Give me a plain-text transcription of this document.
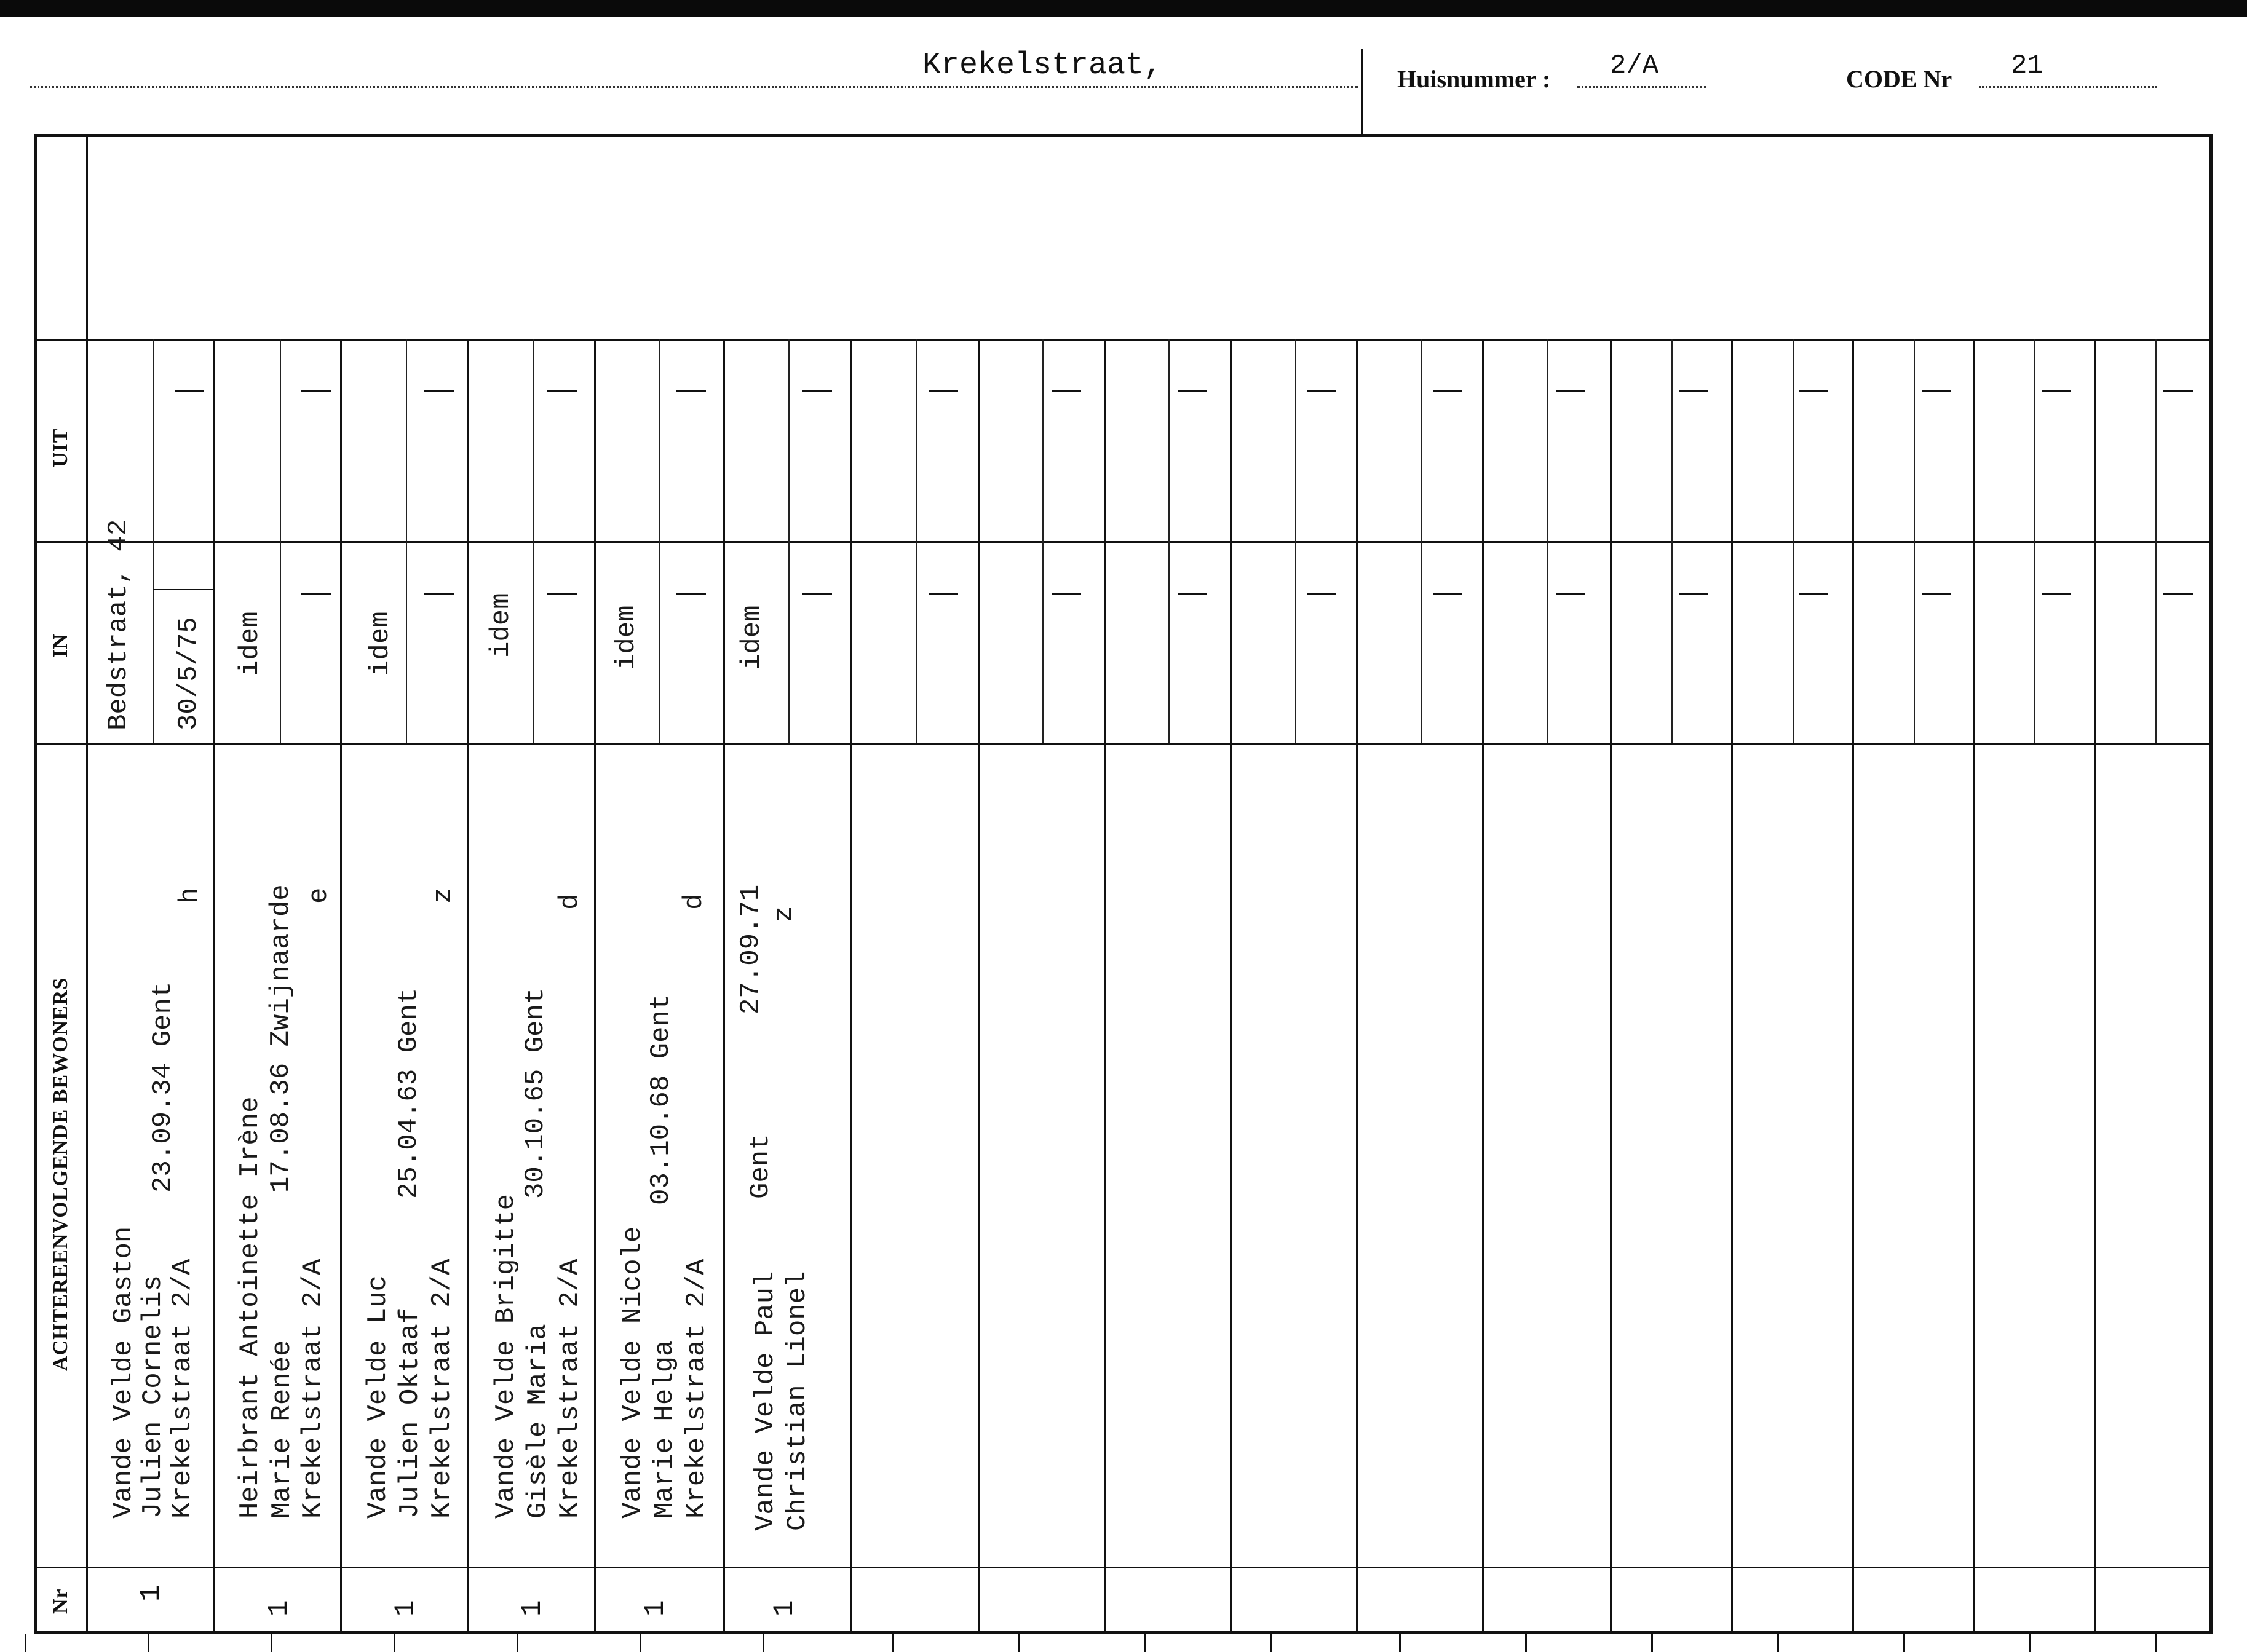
Krekelstraat,	Huisnummer : 2/A	CODE Nr 21
UIT
IN
ACHTEREENVOLGENDE BEWONERS
Nr
Bedstraat, 42 30/5/75
Vande Velde Gaston
Julien Cornelis
Krekelstraat 2/A
23.09.34 Gent
h
1
idem
Heirbrant Antoinette Irène Marie Renée Krekelstraat 2/A
17.08.36 Zwijnaarde e
1
idem
Vande Velde Luc Julien Oktaaf Krekelstraat 2/A
25.04.63 Gent
z
1
idem
Vande Velde Brigitte Gisèle Maria Krekelstraat 2/A
30.10.65 Gent
d
1
idem
Vande Velde Nicole Marie Helga Krekelstraat 2/A
03.10.68 Gent
d
1
idem
Vande Velde Paul Christian Lionel
Gent
27.09.71 z
1
